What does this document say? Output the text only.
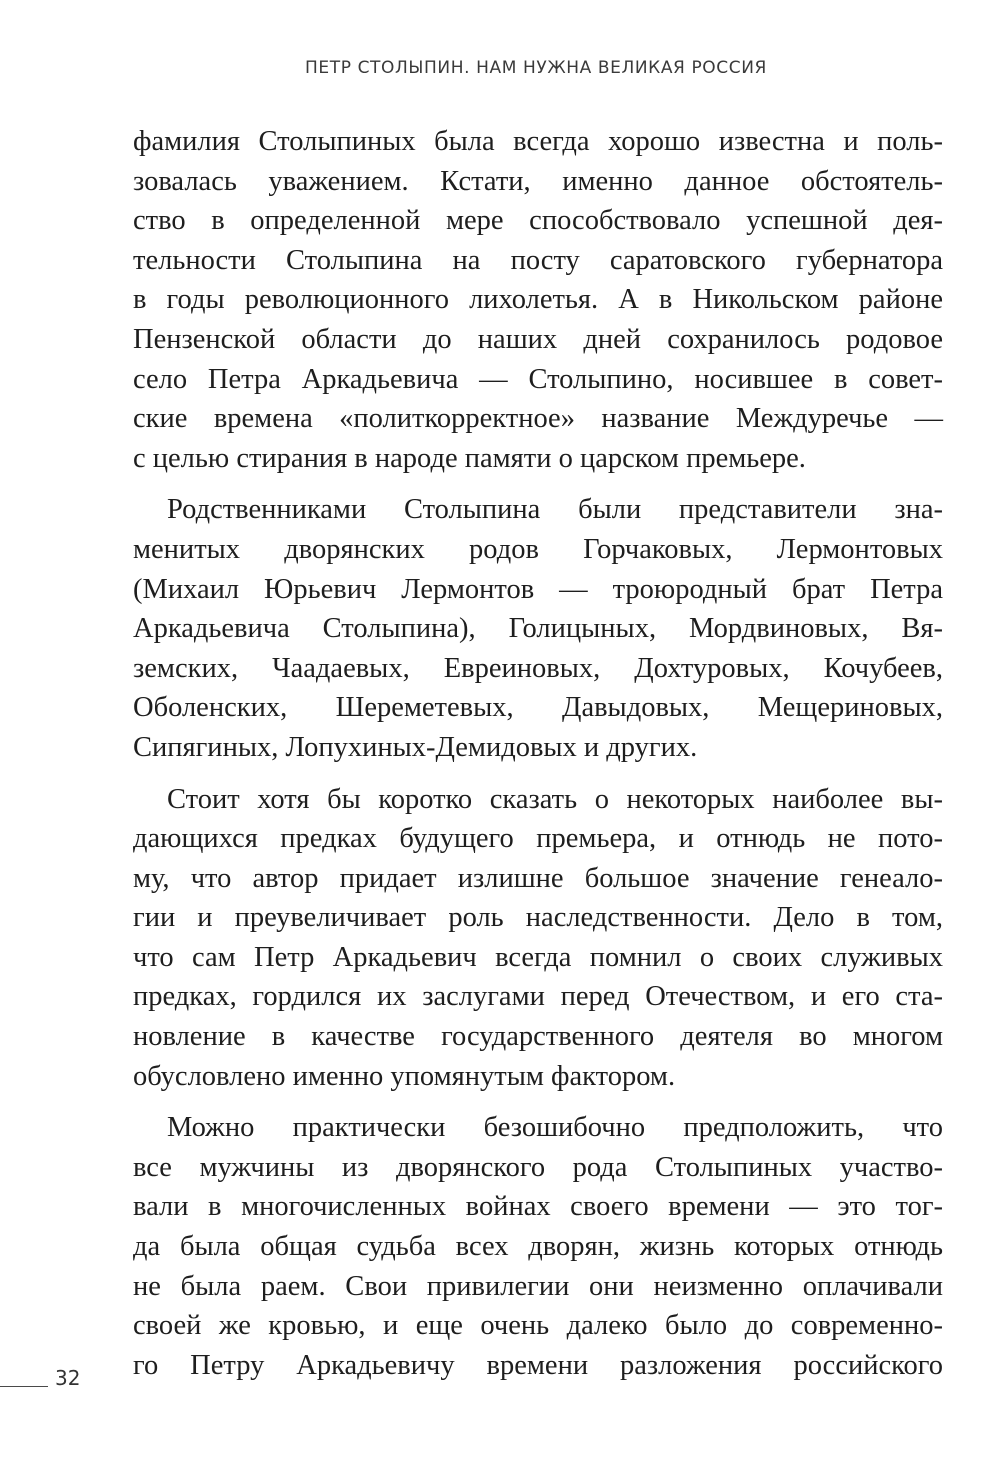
ПЕТР СТОЛЫПИН. НАМ НУЖНА ВЕЛИКАЯ РОССИЯ

фамилия Столыпиных была всегда хорошо известна и поль-
зовалась уважением. Кстати, именно данное обстоятель-
ство в определенной мере способствовало успешной дея-
тельности Столыпина на посту саратовского губернатора
в годы революционного лихолетья. А в Никольском районе
Пензенской области до наших дней сохранилось родовое
село Петра Аркадьевича — Столыпино, носившее в совет-
ские времена «политкорректное» название Междуречье —
с целью стирания в народе памяти о царском премьере.

Родственниками Столыпина были представители зна-
менитых дворянских родов Горчаковых, Лермонтовых
(Михаил Юрьевич Лермонтов — троюродный брат Петра
Аркадьевича Столыпина), Голицыных, Мордвиновых, Вя-
земских, Чаадаевых, Евреиновых, Дохтуровых, Кочубеев,
Оболенских, Шереметевых, Давыдовых, Мещериновых,
Сипягиных, Лопухиных-Демидовых и других.

Стоит хотя бы коротко сказать о некоторых наиболее вы-
дающихся предках будущего премьера, и отнюдь не пото-
му, что автор придает излишне большое значение генеало-
гии и преувеличивает роль наследственности. Дело в том,
что сам Петр Аркадьевич всегда помнил о своих служивых
предках, гордился их заслугами перед Отечеством, и его ста-
новление в качестве государственного деятеля во многом
обусловлено именно упомянутым фактором.

Можно практически безошибочно предположить, что
все мужчины из дворянского рода Столыпиных участво-
вали в многочисленных войнах своего времени — это тог-
да была общая судьба всех дворян, жизнь которых отнюдь
не была раем. Свои привилегии они неизменно оплачивали
своей же кровью, и еще очень далеко было до современно-
го Петру Аркадьевичу времени разложения российского

32
